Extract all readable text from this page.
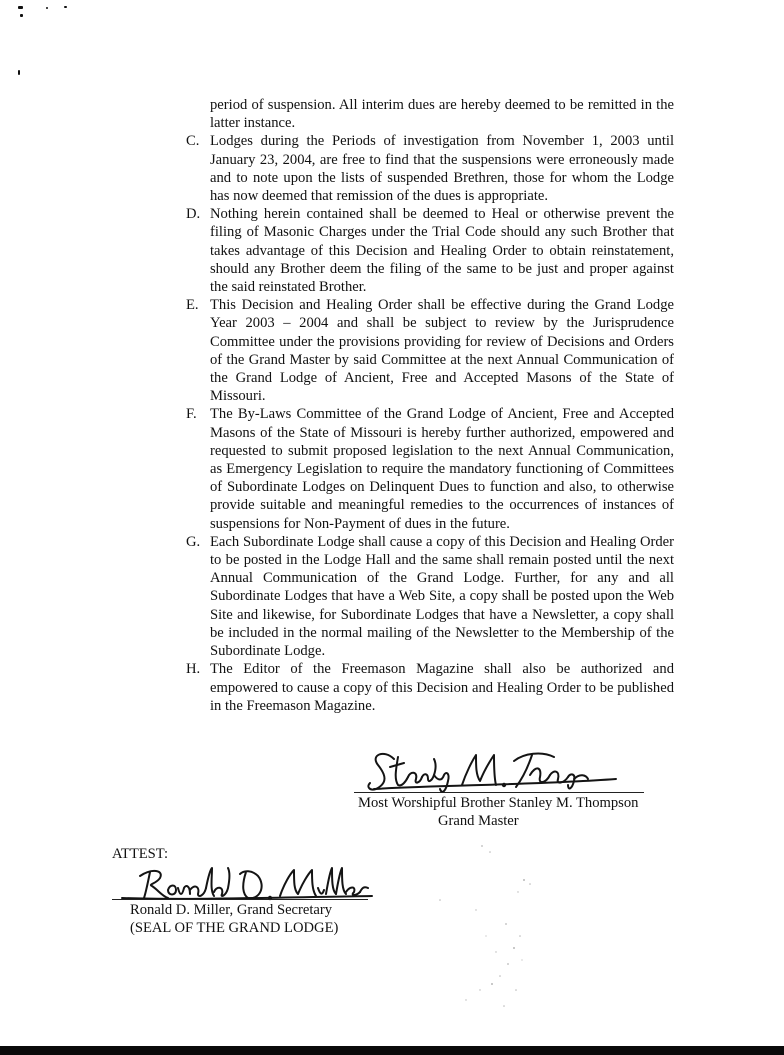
period of suspension. All interim dues are hereby deemed to be remitted in the latter instance.

C. Lodges during the Periods of investigation from November 1, 2003 until January 23, 2004, are free to find that the suspensions were erroneously made and to note upon the lists of suspended Brethren, those for whom the Lodge has now deemed that remission of the dues is appropriate.
D. Nothing herein contained shall be deemed to Heal or otherwise prevent the filing of Masonic Charges under the Trial Code should any such Brother that takes advantage of this Decision and Healing Order to obtain reinstatement, should any Brother deem the filing of the same to be just and proper against the said reinstated Brother.
E. This Decision and Healing Order shall be effective during the Grand Lodge Year 2003 – 2004 and shall be subject to review by the Jurisprudence Committee under the provisions providing for review of Decisions and Orders of the Grand Master by said Committee at the next Annual Communication of the Grand Lodge of Ancient, Free and Accepted Masons of the State of Missouri.
F. The By-Laws Committee of the Grand Lodge of Ancient, Free and Accepted Masons of the State of Missouri is hereby further authorized, empowered and requested to submit proposed legislation to the next Annual Communication, as Emergency Legislation to require the mandatory functioning of Committees of Subordinate Lodges on Delinquent Dues to function and also, to otherwise provide suitable and meaningful remedies to the occurrences of instances of suspensions for Non-Payment of dues in the future.
G. Each Subordinate Lodge shall cause a copy of this Decision and Healing Order to be posted in the Lodge Hall and the same shall remain posted until the next Annual Communication of the Grand Lodge. Further, for any and all Subordinate Lodges that have a Web Site, a copy shall be posted upon the Web Site and likewise, for Subordinate Lodges that have a Newsletter, a copy shall be included in the normal mailing of the Newsletter to the Membership of the Subordinate Lodge.
H. The Editor of the Freemason Magazine shall also be authorized and empowered to cause a copy of this Decision and Healing Order to be published in the Freemason Magazine.
Most Worshipful Brother Stanley M. Thompson
Grand Master
ATTEST:
Ronald D. Miller, Grand Secretary
(SEAL OF THE GRAND LODGE)
